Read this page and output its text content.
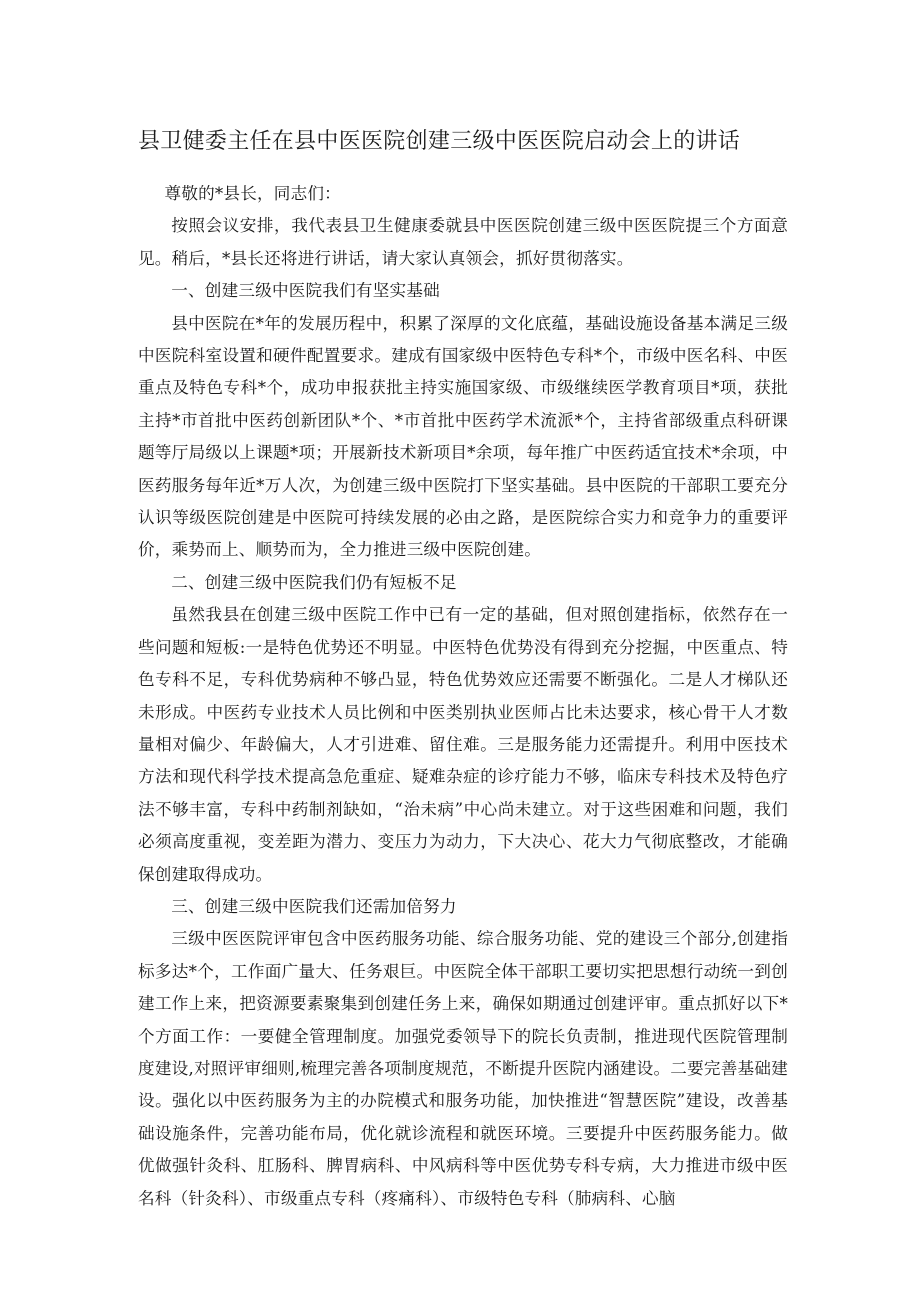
县卫健委主任在县中医医院创建三级中医医院启动会上的讲话

尊敬的*县长，同志们：

按照会议安排，我代表县卫生健康委就县中医医院创建三级中医医院提三个方面意见。稍后，*县长还将进行讲话，请大家认真领会，抓好贯彻落实。

一、创建三级中医院我们有坚实基础

县中医院在*年的发展历程中，积累了深厚的文化底蕴，基础设施设备基本满足三级中医院科室设置和硬件配置要求。建成有国家级中医特色专科*个，市级中医名科、中医重点及特色专科*个，成功申报获批主持实施国家级、市级继续医学教育项目*项，获批主持*市首批中医药创新团队*个、*市首批中医药学术流派*个，主持省部级重点科研课题等厅局级以上课题*项；开展新技术新项目*余项，每年推广中医药适宜技术*余项，中医药服务每年近*万人次，为创建三级中医院打下坚实基础。县中医院的干部职工要充分认识等级医院创建是中医院可持续发展的必由之路，是医院综合实力和竞争力的重要评价，乘势而上、顺势而为，全力推进三级中医院创建。

二、创建三级中医院我们仍有短板不足

虽然我县在创建三级中医院工作中已有一定的基础，但对照创建指标，依然存在一些问题和短板:一是特色优势还不明显。中医特色优势没有得到充分挖掘，中医重点、特色专科不足，专科优势病种不够凸显，特色优势效应还需要不断强化。二是人才梯队还未形成。中医药专业技术人员比例和中医类别执业医师占比未达要求，核心骨干人才数量相对偏少、年龄偏大，人才引进难、留住难。三是服务能力还需提升。利用中医技术方法和现代科学技术提高急危重症、疑难杂症的诊疗能力不够，临床专科技术及特色疗法不够丰富，专科中药制剂缺如，“治未病”中心尚未建立。对于这些困难和问题，我们必须高度重视，变差距为潜力、变压力为动力，下大决心、花大力气彻底整改，才能确保创建取得成功。

三、创建三级中医院我们还需加倍努力

三级中医医院评审包含中医药服务功能、综合服务功能、党的建设三个部分,创建指标多达*个，工作面广量大、任务艰巨。中医院全体干部职工要切实把思想行动统一到创建工作上来，把资源要素聚集到创建任务上来，确保如期通过创建评审。重点抓好以下*个方面工作：一要健全管理制度。加强党委领导下的院长负责制，推进现代医院管理制度建设,对照评审细则,梳理完善各项制度规范，不断提升医院内涵建设。二要完善基础建设。强化以中医药服务为主的办院模式和服务功能，加快推进“智慧医院”建设，改善基础设施条件，完善功能布局，优化就诊流程和就医环境。三要提升中医药服务能力。做优做强针灸科、肛肠科、脾胃病科、中风病科等中医优势专科专病，大力推进市级中医名科（针灸科）、市级重点专科（疼痛科）、市级特色专科（肺病科、心脑
